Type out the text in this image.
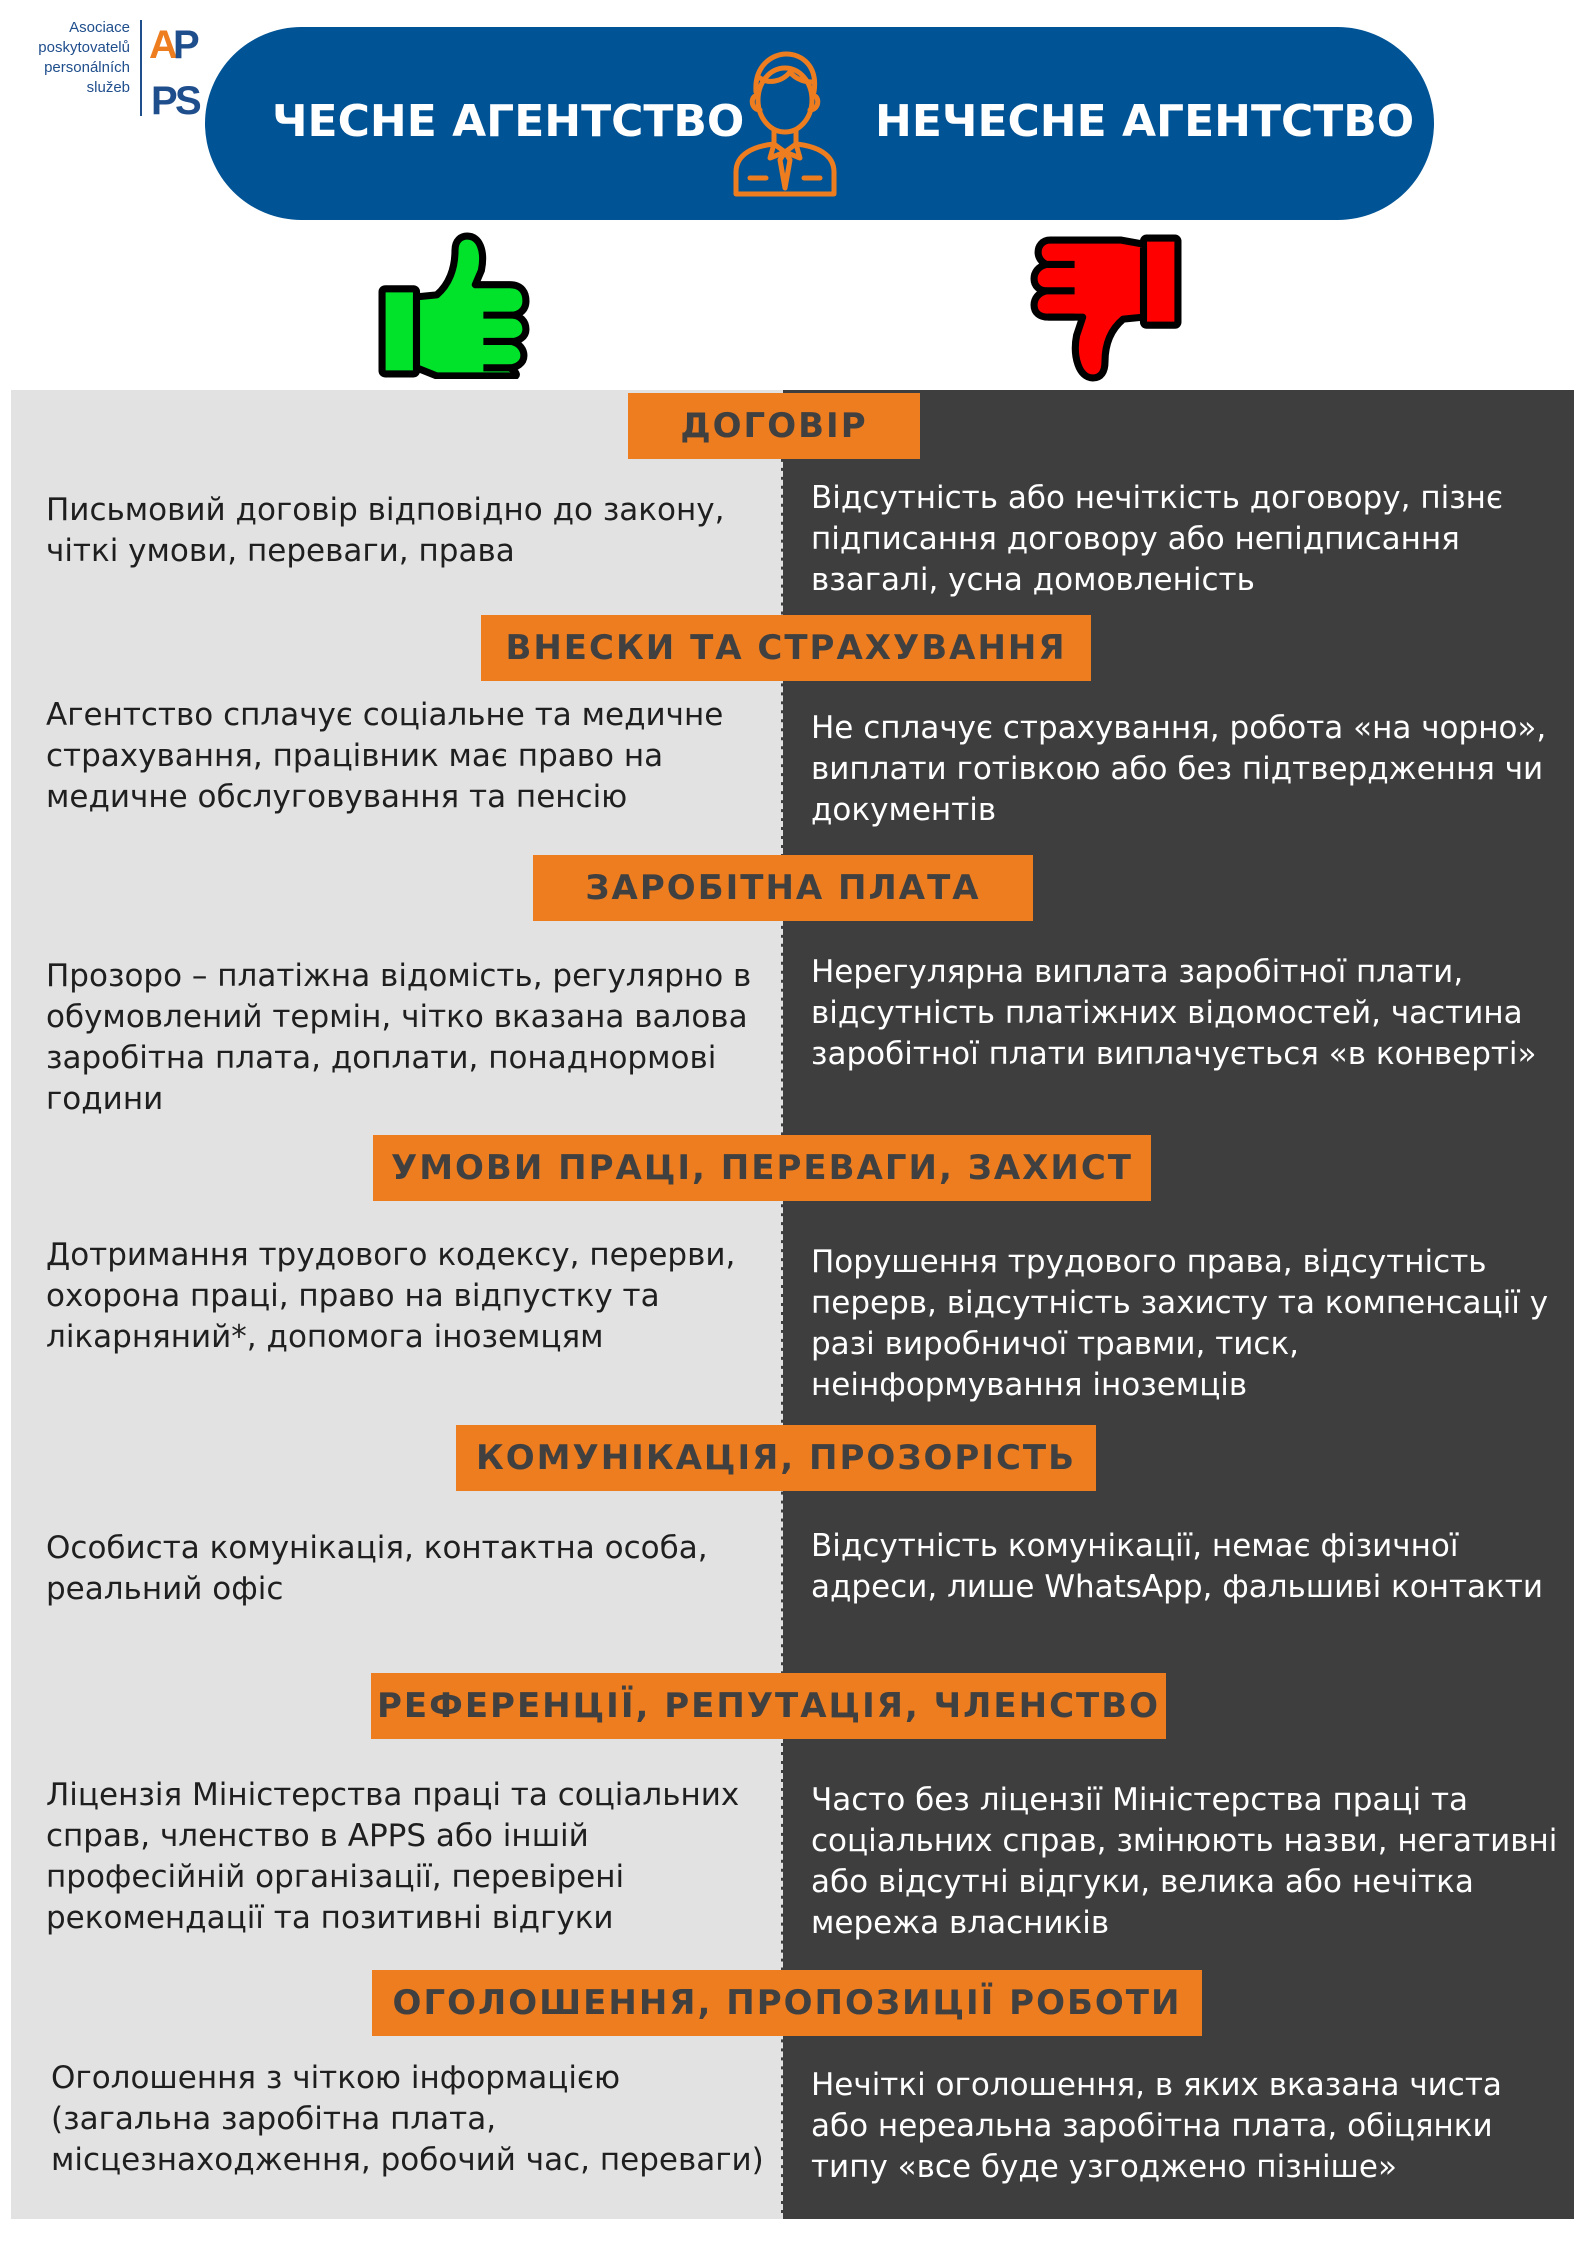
Asociace
poskytovatelů
personálních
služeb
A
P
P
S ЧЕСНЕ АГЕНТСТВО	НЕЧЕСНЕ АГЕНТСТВО
ДОГОВІР
Письмовий договір відповідно до закону, чіткі умови, переваги, права
Відсутність або нечіткість договору, пізнє підписання договору або непідписання взагалі, усна домовленість
ВНЕСКИ ТА СТРАХУВАННЯ
Агентство сплачує соціальне та медичне страхування, працівник має право на медичне обслуговування та пенсію
Не сплачує страхування, робота «на чорно», виплати готівкою або без підтвердження чи документів
ЗАРОБІТНА ПЛАТА
Прозоро – платіжна відомість, регулярно в обумовлений термін, чітко вказана валова заробітна плата, доплати, понаднормові години
Нерегулярна виплата заробітної плати, відсутність платіжних відомостей, частина заробітної плати виплачується «в конверті»
УМОВИ ПРАЦІ, ПЕРЕВАГИ, ЗАХИСТ
Дотримання трудового кодексу, перерви, охорона праці, право на відпустку та лікарняний*, допомога іноземцям
Порушення трудового права, відсутність перерв, відсутність захисту та компенсації у разі виробничої травми, тиск, неінформування іноземців
КОМУНІКАЦІЯ, ПРОЗОРІСТЬ
Особиста комунікація, контактна особа, реальний офіс
Відсутність комунікації, немає фізичної адреси, лише WhatsApp, фальшиві контакти
РЕФЕРЕНЦІЇ, РЕПУТАЦІЯ, ЧЛЕНСТВО
Ліцензія Міністерства праці та соціальних справ, членство в APPS або іншій професійній організації, перевірені рекомендації та позитивні відгуки
Часто без ліцензії Міністерства праці та соціальних справ, змінюють назви, негативні або відсутні відгуки, велика або нечітка мережа власників
ОГОЛОШЕННЯ, ПРОПОЗИЦІЇ РОБОТИ
Оголошення з чіткою інформацією (загальна заробітна плата, місцезнаходження, робочий час, переваги)
Нечіткі оголошення, в яких вказана чиста або нереальна заробітна плата, обіцянки типу «все буде узгоджено пізніше»
